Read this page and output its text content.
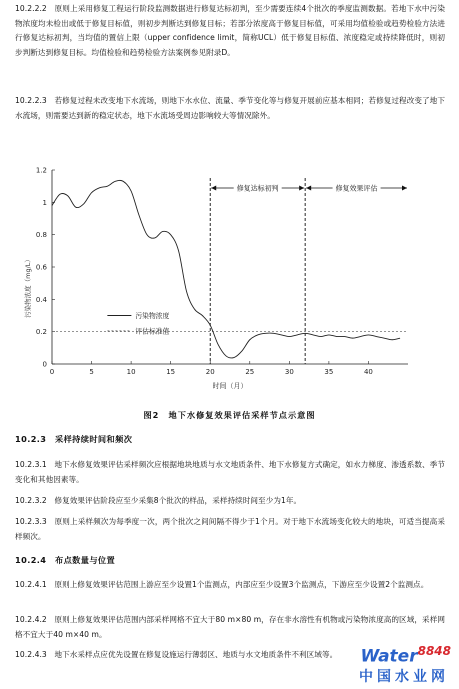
10.2.2.2　原则上采用修复工程运行阶段监测数据进行修复达标初判，至少需要连续4个批次的季度监测数据。若地下水中污染物浓度均未检出或低于修复目标值，则初步判断达到修复目标；若部分浓度高于修复目标值，可采用均值检验或趋势检验方法进行修复达标初判，当均值的置信上限（upper confidence limit，简称UCL）低于修复目标值、浓度稳定或持续降低时，则初步判断达到修复目标。均值检验和趋势检验方法案例参见附录D。
10.2.2.3　若修复过程未改变地下水流场，则地下水水位、流量、季节变化等与修复开展前应基本相同；若修复过程改变了地下水流场，则需要达到新的稳定状态，地下水流场受周边影响较大等情况除外。
0
0.2
0.4
0.6
0.8
1
1.2
0	5	10	15	20	25	30	35	40
时间（月）
污染物浓度（mg/L）
修复达标初判	修复效果评估
污染物浓度
评估标准值
图2　地下水修复效果评估采样节点示意图
10.2.3　采样持续时间和频次
10.2.3.1　地下水修复效果评估采样频次应根据地块地质与水文地质条件、地下水修复方式确定，如水力梯度、渗透系数、季节变化和其他因素等。
10.2.3.2　修复效果评估阶段应至少采集8个批次的样品，采样持续时间至少为1年。
10.2.3.3　原则上采样频次为每季度一次，两个批次之间间隔不得少于1个月。对于地下水流场变化较大的地块，可适当提高采样频次。
10.2.4　布点数量与位置
10.2.4.1　原则上修复效果评估范围上游应至少设置1个监测点，内部应至少设置3个监测点，下游应至少设置2个监测点。
10.2.4.2　原则上修复效果评估范围内部采样网格不宜大于80 m×80 m，存在非水溶性有机物或污染物浓度高的区域，采样网格不宜大于40 m×40 m。
10.2.4.3　地下水采样点应优先设置在修复设施运行薄弱区、地质与水文地质条件不利区域等。	Water$^{8848}$
中国水业网
